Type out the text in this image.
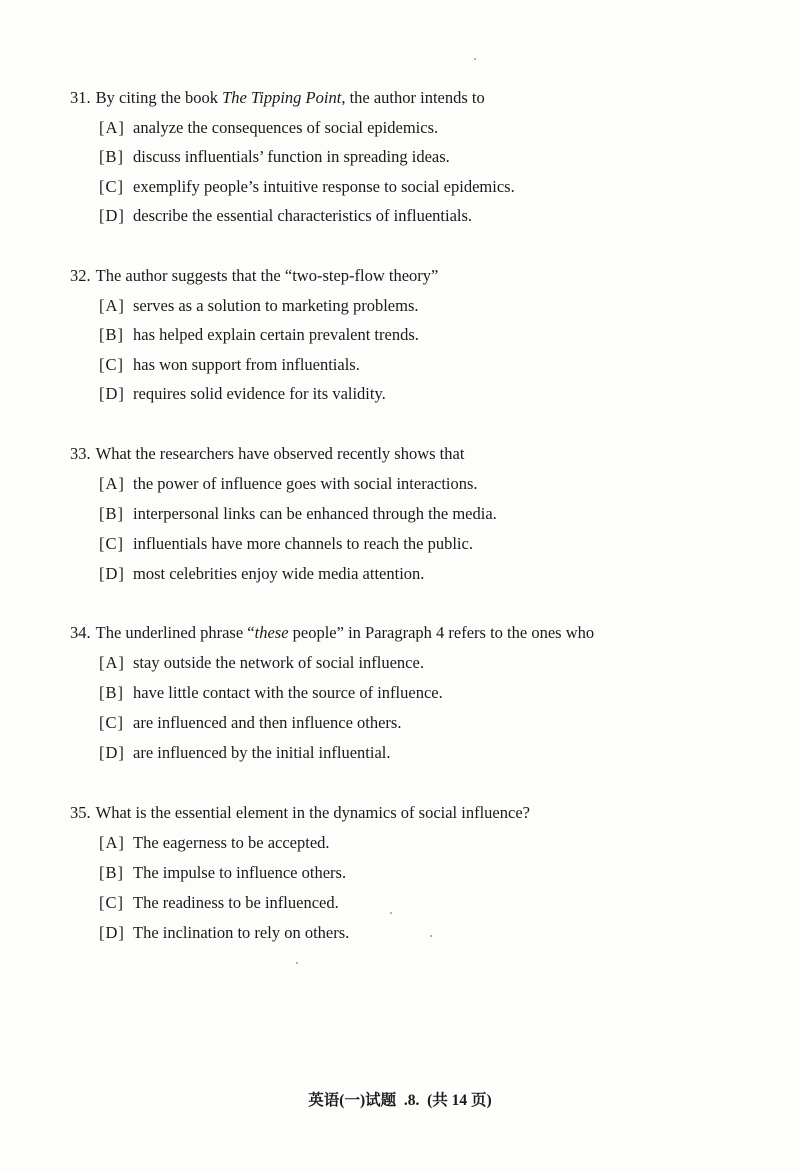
31. By citing the book The Tipping Point, the author intends to
[A] analyze the consequences of social epidemics.
[B] discuss influentials’ function in spreading ideas.
[C] exemplify people’s intuitive response to social epidemics.
[D] describe the essential characteristics of influentials.
32. The author suggests that the “two-step-flow theory”
[A] serves as a solution to marketing problems.
[B] has helped explain certain prevalent trends.
[C] has won support from influentials.
[D] requires solid evidence for its validity.
33. What the researchers have observed recently shows that
[A] the power of influence goes with social interactions.
[B] interpersonal links can be enhanced through the media.
[C] influentials have more channels to reach the public.
[D] most celebrities enjoy wide media attention.
34. The underlined phrase “these people” in Paragraph 4 refers to the ones who
[A] stay outside the network of social influence.
[B] have little contact with the source of influence.
[C] are influenced and then influence others.
[D] are influenced by the initial influential.
35. What is the essential element in the dynamics of social influence?
[A] The eagerness to be accepted.
[B] The impulse to influence others.
[C] The readiness to be influenced.
[D] The inclination to rely on others.
英语(一)试题  .8.  (共 14 页)
